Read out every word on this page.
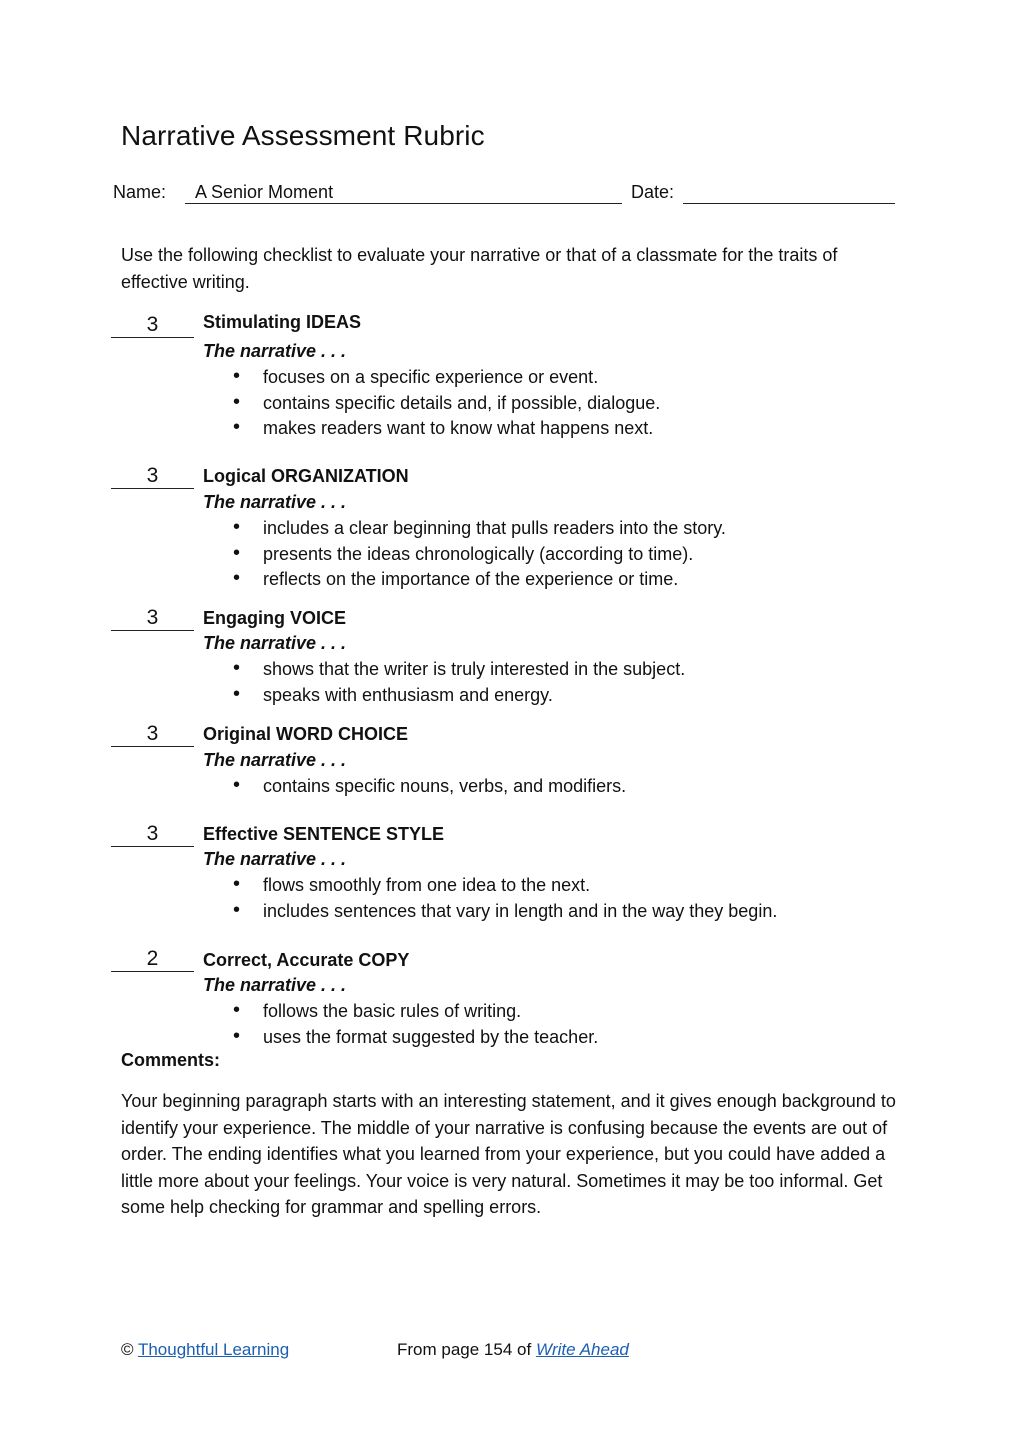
Narrative Assessment Rubric
Name: A Senior Moment	Date:
Use the following checklist to evaluate your narrative or that of a classmate for the traits of effective writing.
3	Stimulating IDEAS
The narrative . . .
• focuses on a specific experience or event.
• contains specific details and, if possible, dialogue.
• makes readers want to know what happens next.
3	Logical ORGANIZATION
The narrative . . .
• includes a clear beginning that pulls readers into the story.
• presents the ideas chronologically (according to time).
• reflects on the importance of the experience or time.
3	Engaging VOICE
The narrative . . .
• shows that the writer is truly interested in the subject.
• speaks with enthusiasm and energy.
3	Original WORD CHOICE
The narrative . . .
• contains specific nouns, verbs, and modifiers.
3	Effective SENTENCE STYLE
The narrative . . .
• flows smoothly from one idea to the next.
• includes sentences that vary in length and in the way they begin.
2	Correct, Accurate COPY
The narrative . . .
• follows the basic rules of writing.
• uses the format suggested by the teacher.
Comments:
Your beginning paragraph starts with an interesting statement, and it gives enough background to identify your experience. The middle of your narrative is confusing because the events are out of order. The ending identifies what you learned from your experience, but you could have added a little more about your feelings. Your voice is very natural. Sometimes it may be too informal. Get some help checking for grammar and spelling errors.
© Thoughtful Learning	From page 154 of Write Ahead
